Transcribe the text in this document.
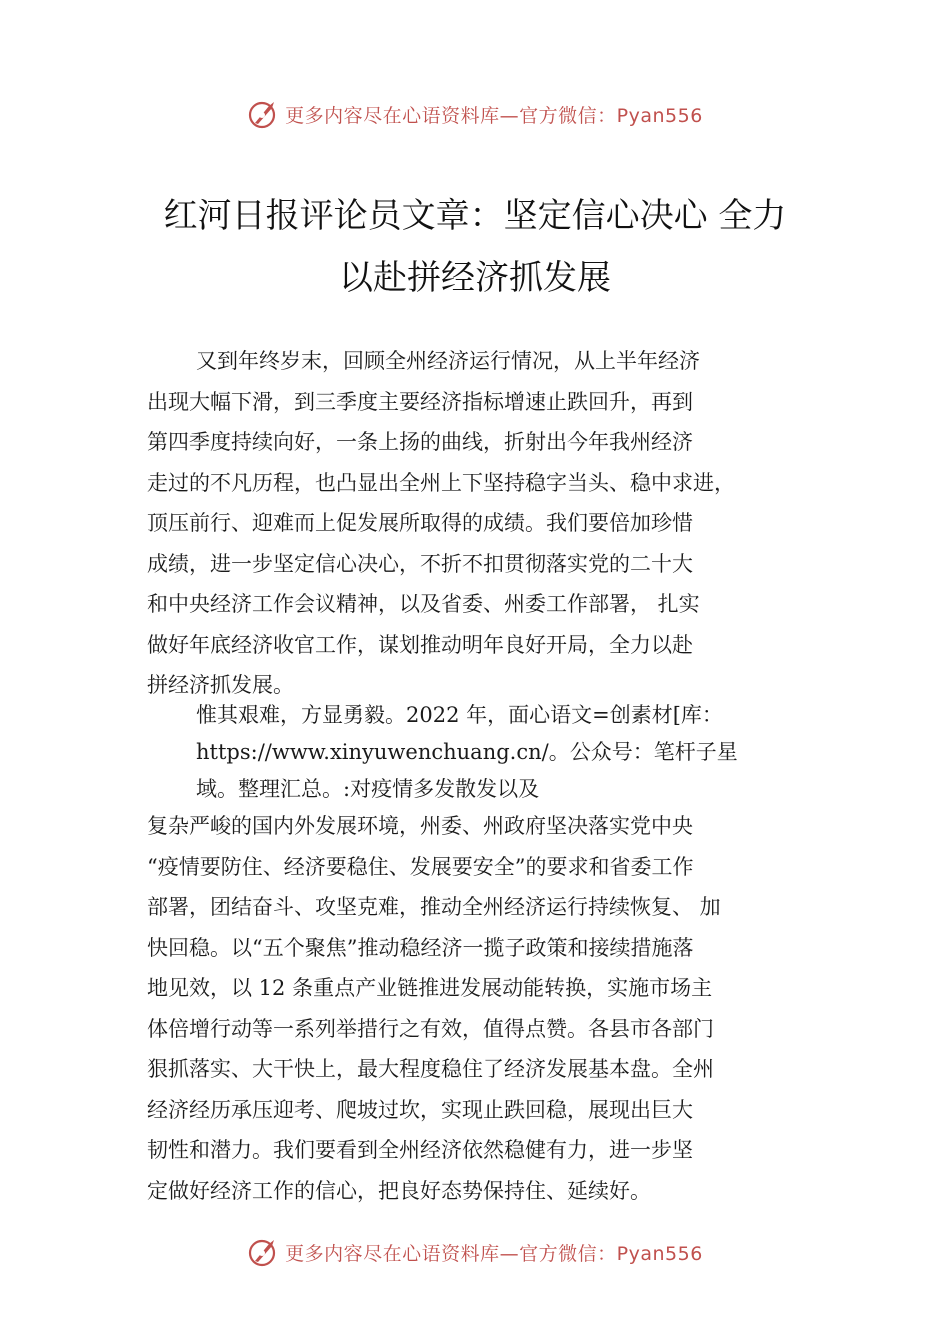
更多内容尽在心语资料库—官方微信：Pyan556
红河日报评论员文章：坚定信心决心 全力
以赴拼经济抓发展
又到年终岁末，回顾全州经济运行情况，从上半年经济
出现大幅下滑，到三季度主要经济指标增速止跌回升，再到
第四季度持续向好，一条上扬的曲线，折射出今年我州经济
走过的不凡历程，也凸显出全州上下坚持稳字当头、稳中求进，
顶压前行、迎难而上促发展所取得的成绩。我们要倍加珍惜
成绩，进一步坚定信心决心，不折不扣贯彻落实党的二十大
和中央经济工作会议精神，以及省委、州委工作部署， 扎实
做好年底经济收官工作，谋划推动明年良好开局，全力以赴
拼经济抓发展。
惟其艰难，方显勇毅。2022 年，面心语文=创素材[库：
https://www.xinyuwenchuang.cn/。公众号：笔杆子星
域。整理汇总。:对疫情多发散发以及
复杂严峻的国内外发展环境，州委、州政府坚决落实党中央
“疫情要防住、经济要稳住、发展要安全”的要求和省委工作
部署，团结奋斗、攻坚克难，推动全州经济运行持续恢复、 加
快回稳。以“五个聚焦”推动稳经济一揽子政策和接续措施落
地见效，以 12 条重点产业链推进发展动能转换，实施市场主
体倍增行动等一系列举措行之有效，值得点赞。各县市各部门
狠抓落实、大干快上，最大程度稳住了经济发展基本盘。全州
经济经历承压迎考、爬坡过坎，实现止跌回稳，展现出巨大
韧性和潜力。我们要看到全州经济依然稳健有力，进一步坚
定做好经济工作的信心，把良好态势保持住、延续好。
更多内容尽在心语资料库—官方微信：Pyan556
